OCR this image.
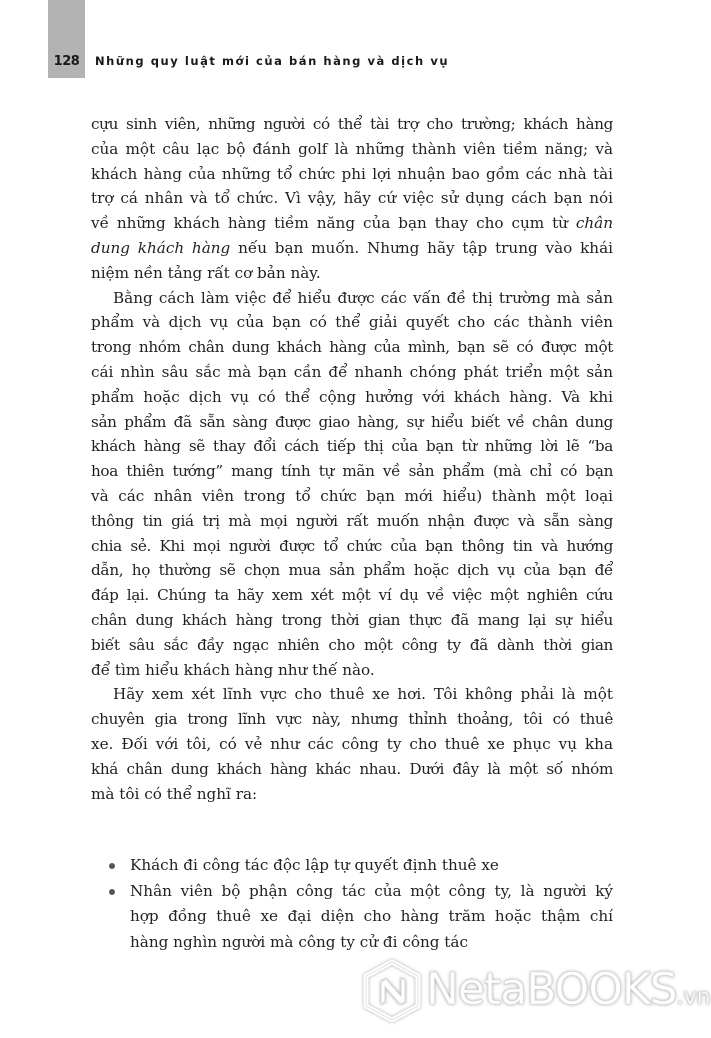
128	Những quy luật mới của bán hàng và dịch vụ
cựu sinh viên, những người có thể tài trợ cho trường; khách hàng
của một câu lạc bộ đánh golf là những thành viên tiềm năng; và
khách hàng của những tổ chức phi lợi nhuận bao gồm các nhà tài
trợ cá nhân và tổ chức. Vì vậy, hãy cứ việc sử dụng cách bạn nói
về những khách hàng tiềm năng của bạn thay cho cụm từ chân
dung khách hàng nếu bạn muốn. Nhưng hãy tập trung vào khái
niệm nền tảng rất cơ bản này.
Bằng cách làm việc để hiểu được các vấn đề thị trường mà sản
phẩm và dịch vụ của bạn có thể giải quyết cho các thành viên
trong nhóm chân dung khách hàng của mình, bạn sẽ có được một
cái nhìn sâu sắc mà bạn cần để nhanh chóng phát triển một sản
phẩm hoặc dịch vụ có thể cộng hưởng với khách hàng. Và khi
sản phẩm đã sẵn sàng được giao hàng, sự hiểu biết về chân dung
khách hàng sẽ thay đổi cách tiếp thị của bạn từ những lời lẽ “ba
hoa thiên tướng” mang tính tự mãn về sản phẩm (mà chỉ có bạn
và các nhân viên trong tổ chức bạn mới hiểu) thành một loại
thông tin giá trị mà mọi người rất muốn nhận được và sẵn sàng
chia sẻ. Khi mọi người được tổ chức của bạn thông tin và hướng
dẫn, họ thường sẽ chọn mua sản phẩm hoặc dịch vụ của bạn để
đáp lại. Chúng ta hãy xem xét một ví dụ về việc một nghiên cứu
chân dung khách hàng trong thời gian thực đã mang lại sự hiểu
biết sâu sắc đầy ngạc nhiên cho một công ty đã dành thời gian
để tìm hiểu khách hàng như thế nào.
Hãy xem xét lĩnh vực cho thuê xe hơi. Tôi không phải là một
chuyên gia trong lĩnh vực này, nhưng thỉnh thoảng, tôi có thuê
xe. Đối với tôi, có vẻ như các công ty cho thuê xe phục vụ kha
khá chân dung khách hàng khác nhau. Dưới đây là một số nhóm
mà tôi có thể nghĩ ra:
Khách đi công tác độc lập tự quyết định thuê xe
Nhân viên bộ phận công tác của một công ty, là người ký
hợp đồng thuê xe đại diện cho hàng trăm hoặc thậm chí
hàng nghìn người mà công ty cử đi công tác
NetaBOOKS.vn
